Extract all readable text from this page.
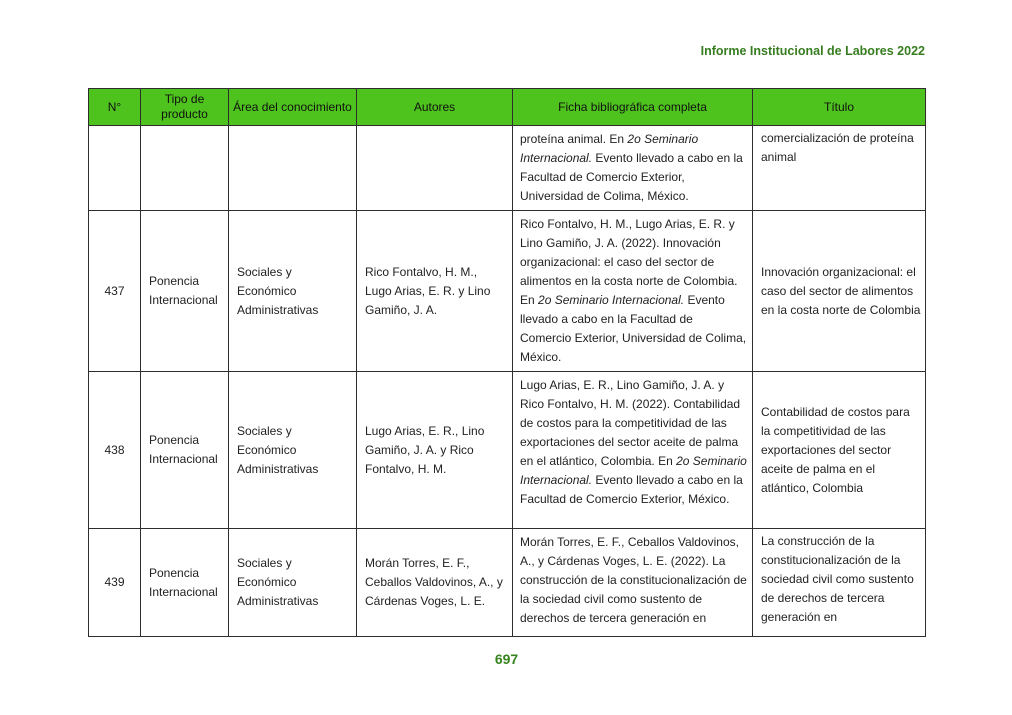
Informe Institucional de Labores 2022
N°	Tipo de producto	Área del conocimiento	Autores	Ficha bibliográfica completa	Título
				proteína animal. En 2o Seminario Internacional. Evento llevado a cabo en la Facultad de Comercio Exterior, Universidad de Colima, México.	comercialización de proteína animal
437	Ponencia Internacional	Sociales y Económico Administrativas	Rico Fontalvo, H. M., Lugo Arias, E. R. y Lino Gamiño, J. A.	Rico Fontalvo, H. M., Lugo Arias, E. R. y Lino Gamiño, J. A. (2022). Innovación organizacional: el caso del sector de alimentos en la costa norte de Colombia. En 2o Seminario Internacional. Evento llevado a cabo en la Facultad de Comercio Exterior, Universidad de Colima, México.	Innovación organizacional: el caso del sector de alimentos en la costa norte de Colombia
438	Ponencia Internacional	Sociales y Económico Administrativas	Lugo Arias, E. R., Lino Gamiño, J. A. y Rico Fontalvo, H. M.	Lugo Arias, E. R., Lino Gamiño, J. A. y Rico Fontalvo, H. M. (2022). Contabilidad de costos para la competitividad de las exportaciones del sector aceite de palma en el atlántico, Colombia. En 2o Seminario Internacional. Evento llevado a cabo en la Facultad de Comercio Exterior, México.	Contabilidad de costos para la competitividad de las exportaciones del sector aceite de palma en el atlántico, Colombia
439	Ponencia Internacional	Sociales y Económico Administrativas	Morán Torres, E. F., Ceballos Valdovinos, A., y Cárdenas Voges, L. E.	Morán Torres, E. F., Ceballos Valdovinos, A., y Cárdenas Voges, L. E. (2022). La construcción de la constitucionalización de la sociedad civil como sustento de derechos de tercera generación en	La construcción de la constitucionalización de la sociedad civil como sustento de derechos de tercera generación en
697
